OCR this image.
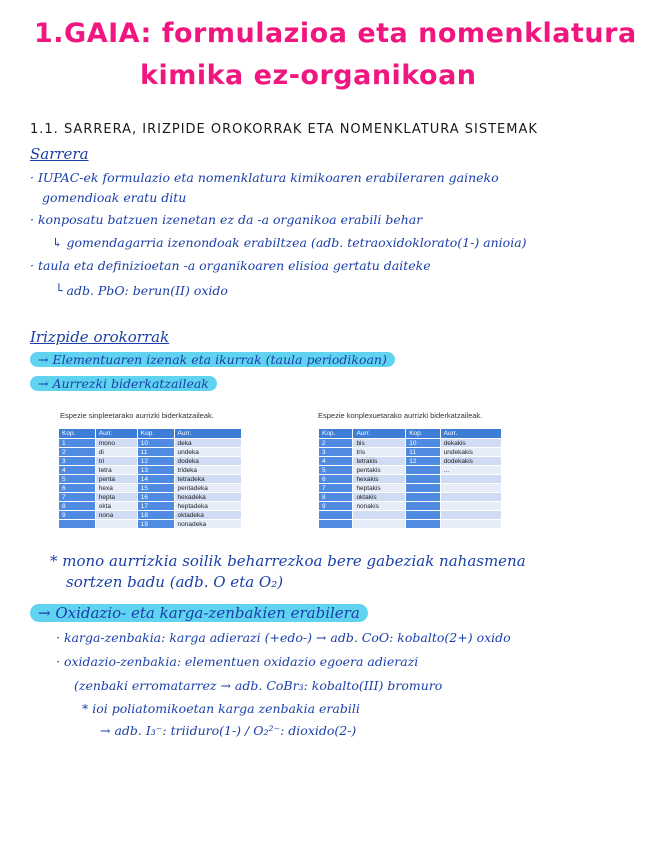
1.GAIA: formulazioa eta nomenklatura
kimika ez-organikoan
1.1. SARRERA, IRIZPIDE OROKORRAK ETA NOMENKLATURA SISTEMAK
Sarrera
· IUPAC-ek formulazio eta nomenklatura kimikoaren erabileraren gaineko
gomendioak eratu ditu
· konposatu batzuen izenetan ez da -a organikoa erabili behar
↳ gomendagarria izenondoak erabiltzea (adb. tetraoxidoklorato(1-) anioia)
· taula eta definizioetan -a organikoaren elisioa gertatu daiteke
└ adb. PbO: berun(II) oxido
Irizpide orokorrak
→ Elementuaren izenak eta ikurrak (taula periodikoan)
→ Aurrezki biderkatzaileak
Espezie sinpleetarako aurrizki biderkatzaileak.
Kop.	Aurr.	Kop.	Aurr.
1	mono	10	deka
2	di	11	undeka
3	tri	12	dodeka
4	tetra	13	trideka
5	penta	14	tetradeka
6	hexa	15	pentadeka
7	hepta	16	hexadeka
8	okta	17	heptadeka
9	nona	18	oktadeka
		19	nonadeka
Espezie konplexuetarako aurrizki biderkatzaileak.
Kop.	Aurr.	Kop.	Aurr.
2	bis	10	dekakis
3	tris	11	undekakis
4	tetrakis	12	dodekakis
5	pentakis		...
6	hexakis		
7	heptakis		
8	oktakis		
9	nonakis		

* mono aurrizkia soilik beharrezkoa bere gabeziak nahasmena
sortzen badu (adb. O eta O₂)
→ Oxidazio- eta karga-zenbakien erabilera
· karga-zenbakia: karga adierazi (+edo-) → adb. CoO: kobalto(2+) oxido
· oxidazio-zenbakia: elementuen oxidazio egoera adierazi
(zenbaki erromatarrez → adb. CoBr₃: kobalto(III) bromuro
* ioi poliatomikoetan karga zenbakia erabili
→ adb. I₃⁻: triiduro(1-) / O₂²⁻: dioxido(2-)
